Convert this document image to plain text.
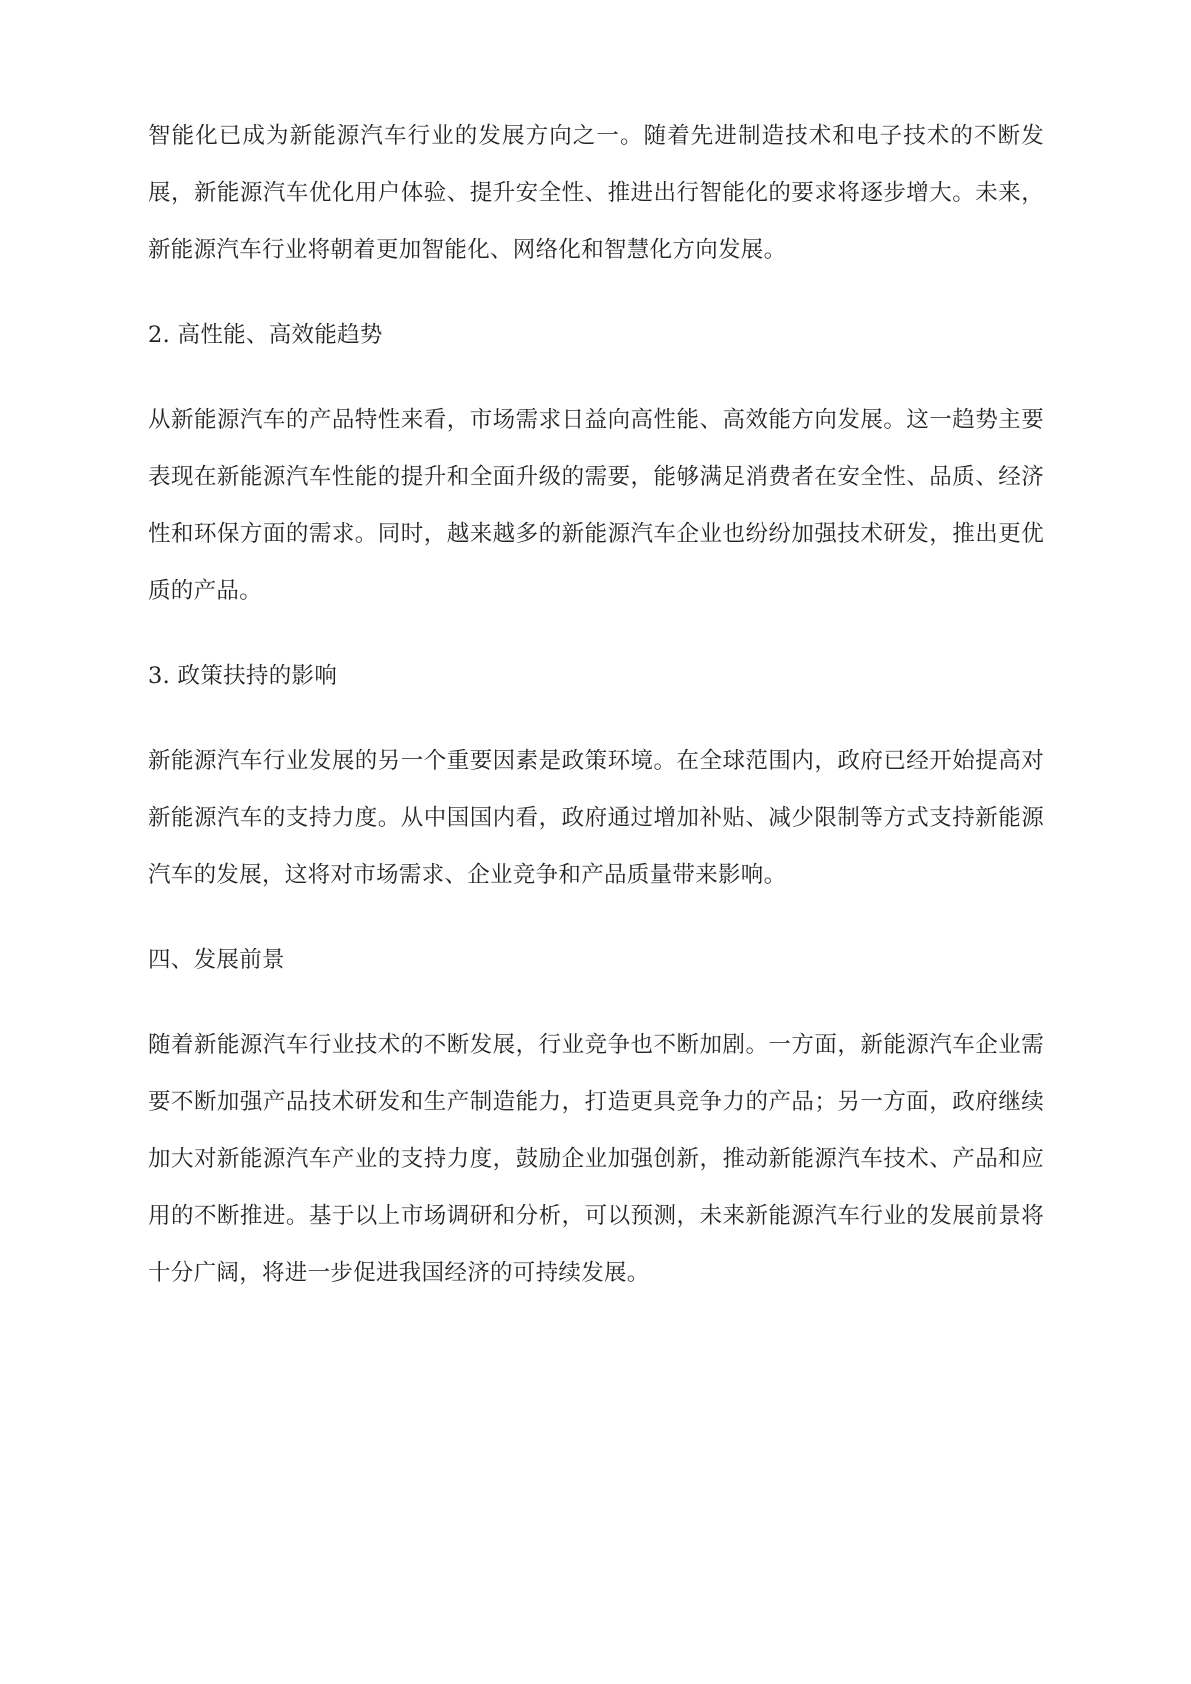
智能化已成为新能源汽车行业的发展方向之一。随着先进制造技术和电子技术的不断发展，新能源汽车优化用户体验、提升安全性、推进出行智能化的要求将逐步增大。未来，新能源汽车行业将朝着更加智能化、网络化和智慧化方向发展。

2. 高性能、高效能趋势

从新能源汽车的产品特性来看，市场需求日益向高性能、高效能方向发展。这一趋势主要表现在新能源汽车性能的提升和全面升级的需要，能够满足消费者在安全性、品质、经济性和环保方面的需求。同时，越来越多的新能源汽车企业也纷纷加强技术研发，推出更优质的产品。

3. 政策扶持的影响

新能源汽车行业发展的另一个重要因素是政策环境。在全球范围内，政府已经开始提高对新能源汽车的支持力度。从中国国内看，政府通过增加补贴、减少限制等方式支持新能源汽车的发展，这将对市场需求、企业竞争和产品质量带来影响。

四、发展前景

随着新能源汽车行业技术的不断发展，行业竞争也不断加剧。一方面，新能源汽车企业需要不断加强产品技术研发和生产制造能力，打造更具竞争力的产品；另一方面，政府继续加大对新能源汽车产业的支持力度，鼓励企业加强创新，推动新能源汽车技术、产品和应用的不断推进。基于以上市场调研和分析，可以预测，未来新能源汽车行业的发展前景将十分广阔，将进一步促进我国经济的可持续发展。
